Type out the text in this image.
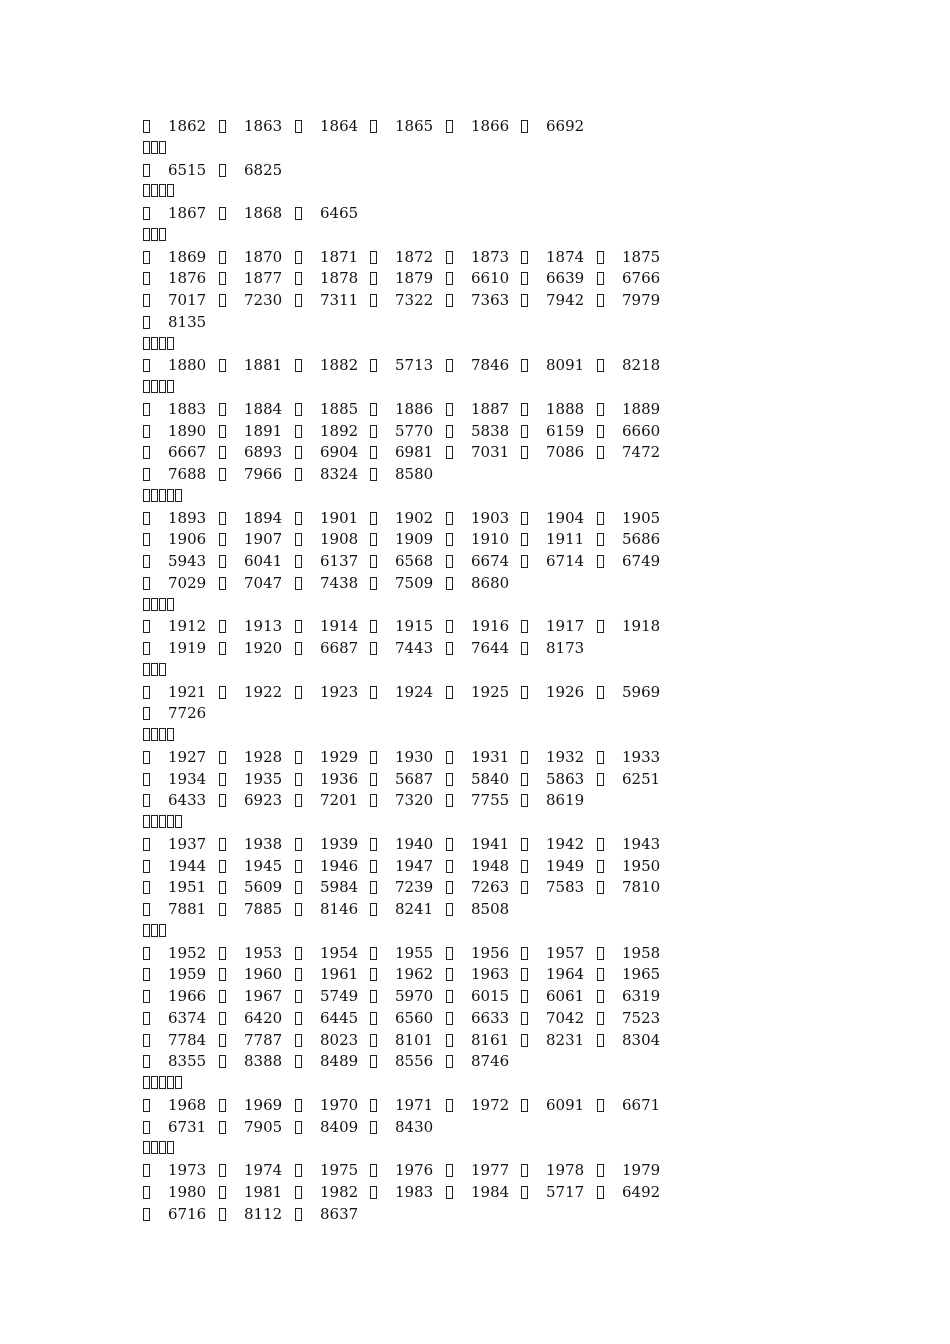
1862	1863	1864 1865	1866 6692
6515	6825
1867	1868	6465
1869	1870	1871 1872	1873 1874	1875
1876	1877	1878 1879	6610 6639	6766
7017	7230	7311 7322	7363 7942	7979
8135
1880	1881	1882 5713	7846 8091	8218
1883	1884	1885 1886	1887 1888	1889
1890	1891	1892 5770	5838 6159	6660
6667	6893	6904 6981	7031 7086	7472
7688	7966	8324 8580
1893	1894	1901 1902	1903 1904	1905
1906	1907	1908 1909	1910 1911	5686
5943	6041	6137 6568	6674 6714	6749
7029	7047	7438 7509	8680
1912	1913	1914 1915	1916 1917	1918
1919	1920	6687 7443	7644 8173
1921	1922	1923 1924	1925 1926	5969
7726
1927	1928	1929 1930	1931 1932	1933
1934	1935	1936 5687	5840 5863	6251
6433	6923	7201 7320	7755 8619
1937	1938	1939 1940	1941 1942	1943
1944	1945	1946 1947	1948 1949	1950
1951	5609	5984 7239	7263 7583	7810
7881	7885	8146 8241	8508
1952	1953	1954 1955	1956 1957	1958
1959	1960	1961 1962	1963 1964	1965
1966	1967	5749 5970	6015 6061	6319
6374	6420	6445 6560	6633 7042	7523
7784	7787	8023 8101	8161 8231	8304
8355	8388	8489 8556	8746
1968	1969	1970 1971	1972 6091	6671
6731	7905	8409 8430
1973	1974	1975 1976	1977 1978	1979
1980	1981	1982 1983	1984 5717	6492
6716	8112	8637
